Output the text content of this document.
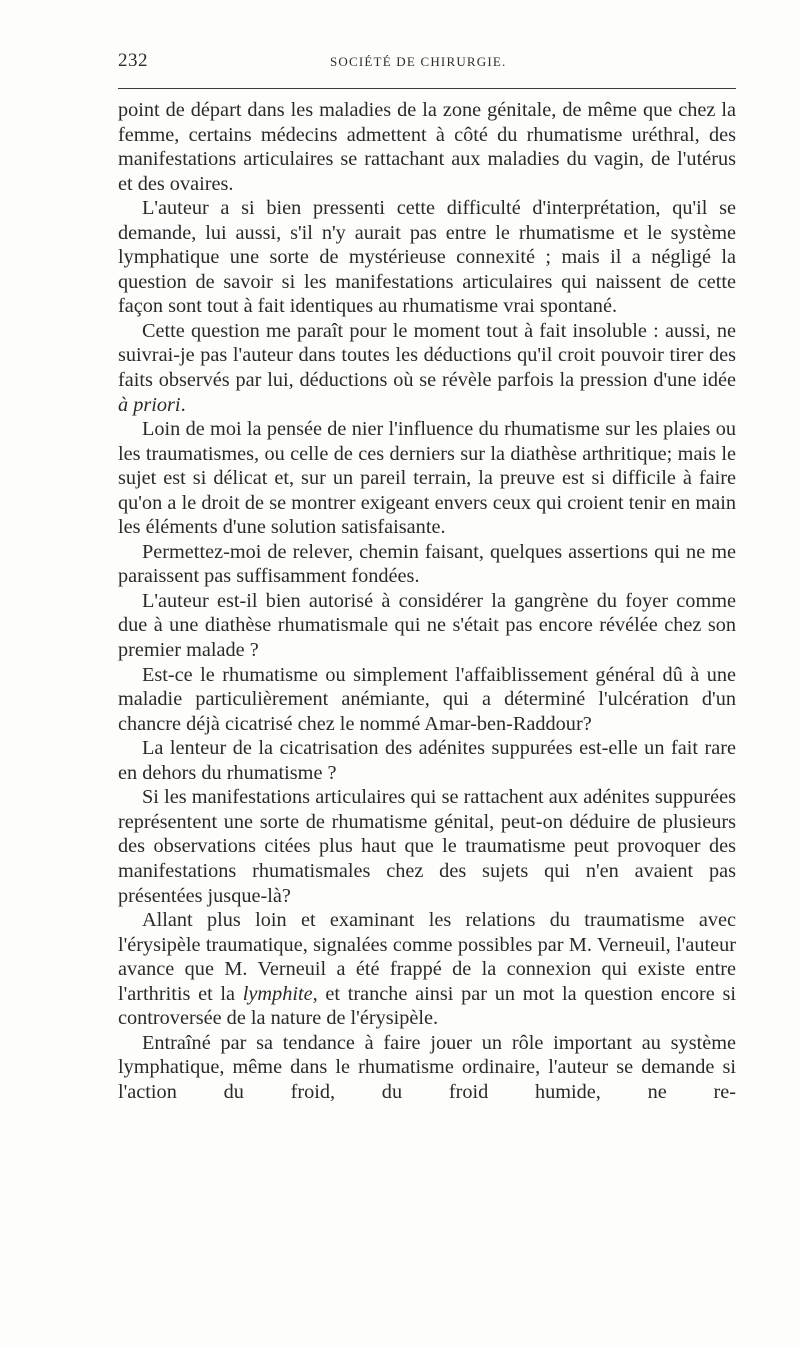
232	SOCIÉTÉ DE CHIRURGIE.

point de départ dans les maladies de la zone génitale, de même que chez la femme, certains médecins admettent à côté du rhumatisme uréthral, des manifestations articulaires se rattachant aux maladies du vagin, de l'utérus et des ovaires.

L'auteur a si bien pressenti cette difficulté d'interprétation, qu'il se demande, lui aussi, s'il n'y aurait pas entre le rhumatisme et le système lymphatique une sorte de mystérieuse connexité ; mais il a négligé la question de savoir si les manifestations articulaires qui naissent de cette façon sont tout à fait identiques au rhumatisme vrai spontané.

Cette question me paraît pour le moment tout à fait insoluble : aussi, ne suivrai-je pas l'auteur dans toutes les déductions qu'il croit pouvoir tirer des faits observés par lui, déductions où se révèle parfois la pression d'une idée à priori.

Loin de moi la pensée de nier l'influence du rhumatisme sur les plaies ou les traumatismes, ou celle de ces derniers sur la diathèse arthritique; mais le sujet est si délicat et, sur un pareil terrain, la preuve est si difficile à faire qu'on a le droit de se montrer exigeant envers ceux qui croient tenir en main les éléments d'une solution satisfaisante.

Permettez-moi de relever, chemin faisant, quelques assertions qui ne me paraissent pas suffisamment fondées.

L'auteur est-il bien autorisé à considérer la gangrène du foyer comme due à une diathèse rhumatismale qui ne s'était pas encore révélée chez son premier malade ?

Est-ce le rhumatisme ou simplement l'affaiblissement général dû à une maladie particulièrement anémiante, qui a déterminé l'ulcération d'un chancre déjà cicatrisé chez le nommé Amar-ben-Raddour?

La lenteur de la cicatrisation des adénites suppurées est-elle un fait rare en dehors du rhumatisme ?

Si les manifestations articulaires qui se rattachent aux adénites suppurées représentent une sorte de rhumatisme génital, peut-on déduire de plusieurs des observations citées plus haut que le traumatisme peut provoquer des manifestations rhumatismales chez des sujets qui n'en avaient pas présentées jusque-là?

Allant plus loin et examinant les relations du traumatisme avec l'érysipèle traumatique, signalées comme possibles par M. Verneuil, l'auteur avance que M. Verneuil a été frappé de la connexion qui existe entre l'arthritis et la lymphite, et tranche ainsi par un mot la question encore si controversée de la nature de l'érysipèle.

Entraîné par sa tendance à faire jouer un rôle important au système lymphatique, même dans le rhumatisme ordinaire, l'auteur se demande si l'action du froid, du froid humide, ne re-
